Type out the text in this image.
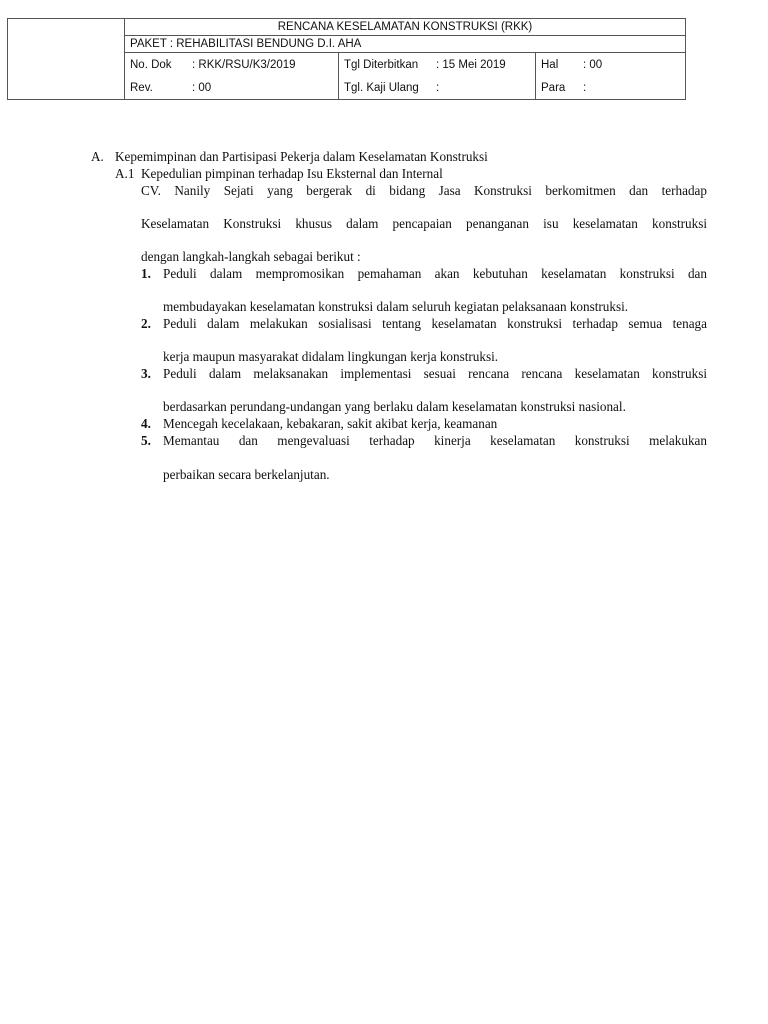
	RENCANA KESELAMATAN KONSTRUKSI (RKK)		
	PAKET : REHABILITASI BENDUNG D.I. AHA		
	No. Dok : RKK/RSU/K3/2019	Tgl Diterbitkan : 15 Mei 2019	Hal : 00
	Rev. : 00	Tgl. Kaji Ulang :	Para :
A. Kepemimpinan dan Partisipasi Pekerja dalam Keselamatan Konstruksi
A.1 Kepedulian pimpinan terhadap Isu Eksternal dan Internal
CV. Nanily Sejati yang bergerak di bidang Jasa Konstruksi berkomitmen dan terhadap
Keselamatan Konstruksi khusus dalam pencapaian penanganan isu keselamatan konstruksi
dengan langkah-langkah sebagai berikut :
1. Peduli dalam mempromosikan pemahaman akan kebutuhan keselamatan konstruksi dan
membudayakan keselamatan konstruksi dalam seluruh kegiatan pelaksanaan konstruksi.
2. Peduli dalam melakukan sosialisasi tentang keselamatan konstruksi terhadap semua tenaga
kerja maupun masyarakat didalam lingkungan kerja konstruksi.
3. Peduli dalam melaksanakan implementasi sesuai rencana rencana keselamatan konstruksi
berdasarkan perundang-undangan yang berlaku dalam keselamatan konstruksi nasional.
4. Mencegah kecelakaan, kebakaran, sakit akibat kerja, keamanan
5. Memantau dan mengevaluasi terhadap kinerja keselamatan konstruksi melakukan
perbaikan secara berkelanjutan.
